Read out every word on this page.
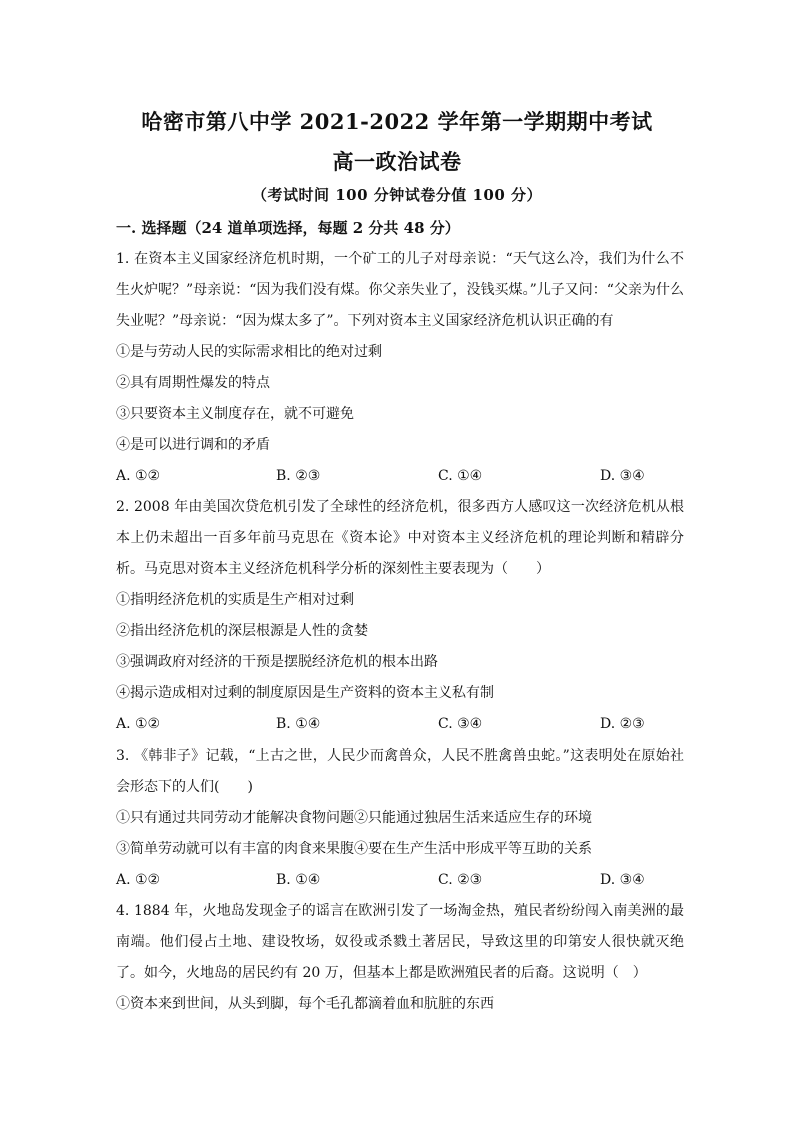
哈密市第八中学 2021-2022 学年第一学期期中考试
高一政治试卷
（考试时间 100 分钟试卷分值 100 分）
一. 选择题（24 道单项选择，每题 2 分共 48 分）

1. 在资本主义国家经济危机时期，一个矿工的儿子对母亲说：“天气这么冷，我们为什么不生火炉呢？”母亲说：“因为我们没有煤。你父亲失业了，没钱买煤。”儿子又问：“父亲为什么失业呢？”母亲说：“因为煤太多了”。下列对资本主义国家经济危机认识正确的有

①是与劳动人民的实际需求相比的绝对过剩
②具有周期性爆发的特点
③只要资本主义制度存在，就不可避免
④是可以进行调和的矛盾
A. ①②	B. ②③	C. ①④	D. ③④

2. 2008 年由美国次贷危机引发了全球性的经济危机，很多西方人感叹这一次经济危机从根本上仍未超出一百多年前马克思在《资本论》中对资本主义经济危机的理论判断和精辟分析。马克思对资本主义经济危机科学分析的深刻性主要表现为（　　）

①指明经济危机的实质是生产相对过剩
②指出经济危机的深层根源是人性的贪婪
③强调政府对经济的干预是摆脱经济危机的根本出路
④揭示造成相对过剩的制度原因是生产资料的资本主义私有制
A. ①②	B. ①④	C. ③④	D. ②③

3. 《韩非子》记载，“上古之世，人民少而禽兽众，人民不胜禽兽虫蛇。”这表明处在原始社会形态下的人们(　　)

①只有通过共同劳动才能解决食物问题②只能通过独居生活来适应生存的环境
③简单劳动就可以有丰富的肉食来果腹④要在生产生活中形成平等互助的关系
A. ①②	B. ①④	C. ②③	D. ③④

4. 1884 年，火地岛发现金子的谣言在欧洲引发了一场淘金热，殖民者纷纷闯入南美洲的最南端。他们侵占土地、建设牧场，奴役或杀戮土著居民，导致这里的印第安人很快就灭绝了。如今，火地岛的居民约有 20 万，但基本上都是欧洲殖民者的后裔。这说明（　）

①资本来到世间，从头到脚，每个毛孔都滴着血和肮脏的东西
